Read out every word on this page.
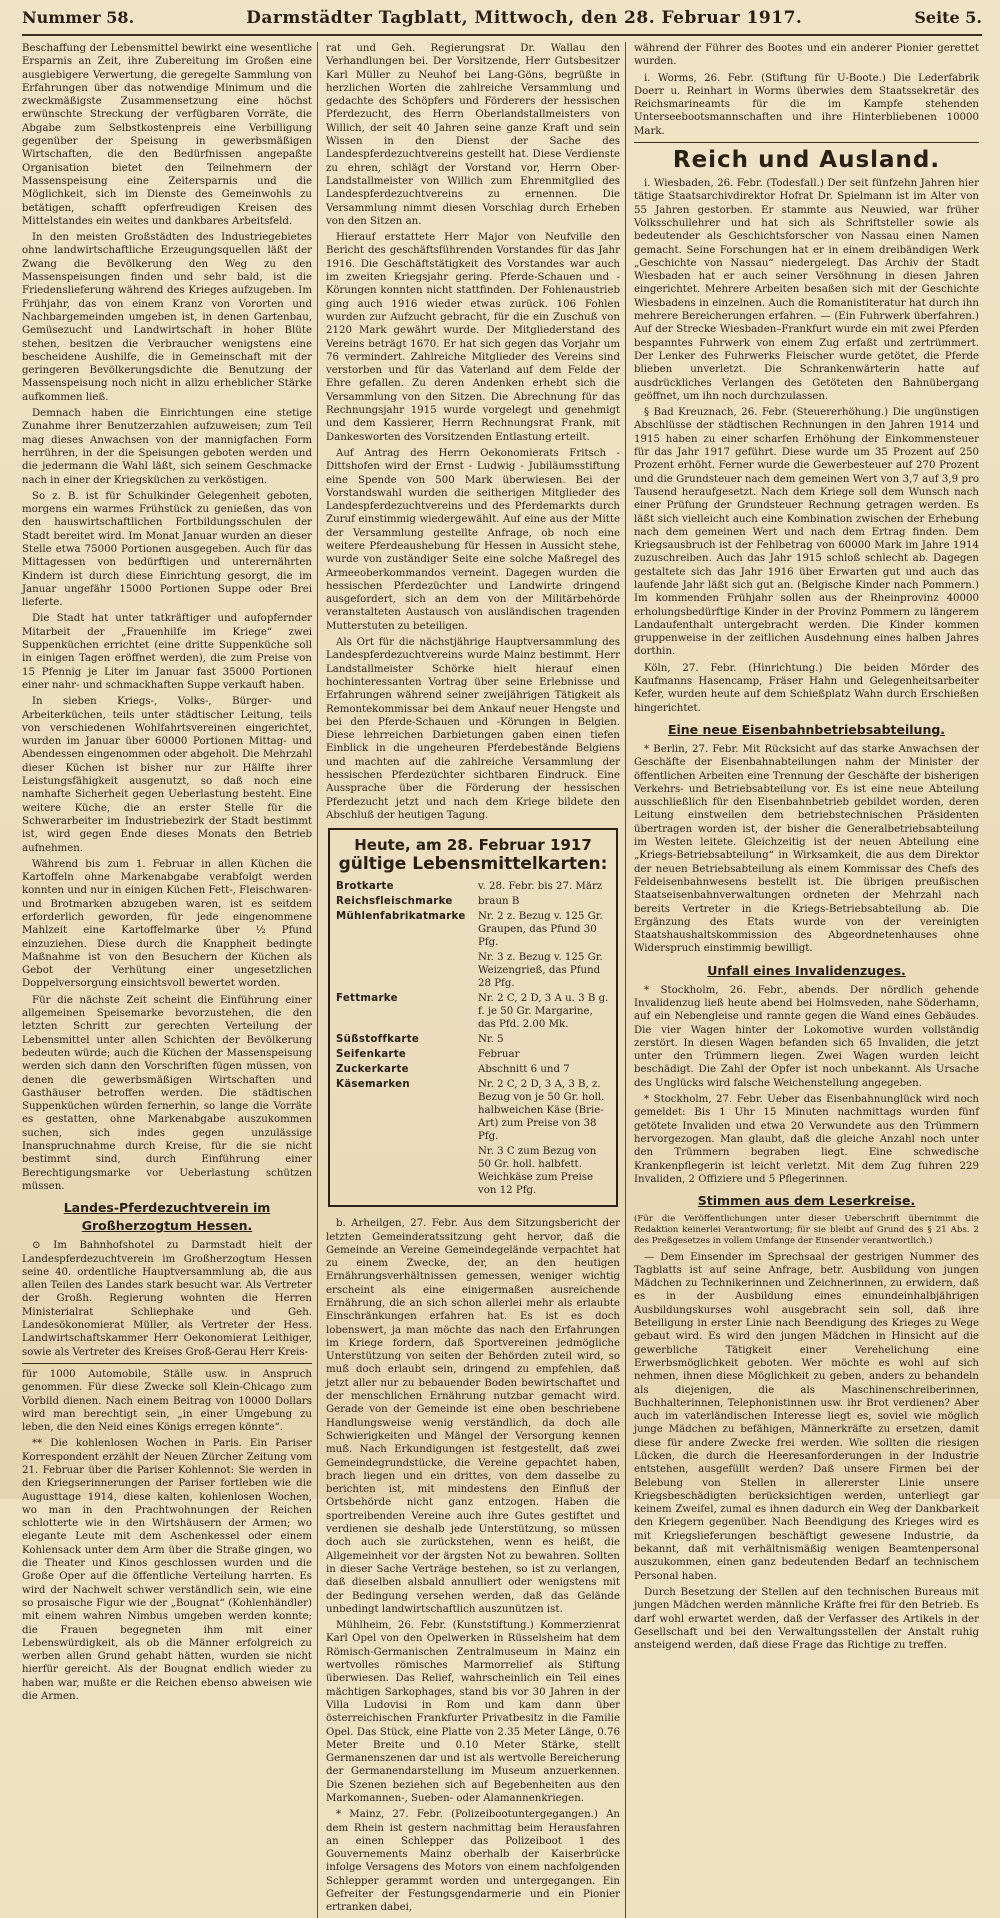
Nummer 58.	Darmstädter Tagblatt, Mittwoch, den 28. Februar 1917.	Seite 5.

Beschaffung der Lebensmittel bewirkt eine wesentliche Ersparnis an Zeit, ihre Zubereitung im Großen eine ausgiebigere Verwertung, die geregelte Sammlung von Erfahrungen über das notwendige Minimum und die zweckmäßigste Zusammensetzung eine höchst erwünschte Streckung der verfügbaren Vorräte, die Abgabe zum Selbstkostenpreis eine Verbilligung gegenüber der Speisung in gewerbsmäßigen Wirtschaften, die den Bedürfnissen angepaßte Organisation bietet den Teilnehmern der Massenspeisung eine Zeitersparnis und die Möglichkeit, sich im Dienste des Gemeinwohls zu betätigen, schafft opferfreudigen Kreisen des Mittelstandes ein weites und dankbares Arbeitsfeld.

In den meisten Großstädten des Industriegebietes ohne landwirtschaftliche Erzeugungsquellen läßt der Zwang die Bevölkerung den Weg zu den Massenspeisungen finden und sehr bald, ist die Friedenslieferung während des Krieges aufzugeben. Im Frühjahr, das von einem Kranz von Vororten und Nachbargemeinden umgeben ist, in denen Gartenbau, Gemüsezucht und Landwirtschaft in hoher Blüte stehen, besitzen die Verbraucher wenigstens eine bescheidene Aushilfe, die in Gemeinschaft mit der geringeren Bevölkerungsdichte die Benutzung der Massenspeisung noch nicht in allzu erheblicher Stärke aufkommen ließ.

Demnach haben die Einrichtungen eine stetige Zunahme ihrer Benutzerzahlen aufzuweisen; zum Teil mag dieses Anwachsen von der mannigfachen Form herrühren, in der die Speisungen geboten werden und die jedermann die Wahl läßt, sich seinem Geschmacke nach in einer der Kriegsküchen zu verköstigen.

So z. B. ist für Schulkinder Gelegenheit geboten, morgens ein warmes Frühstück zu genießen, das von den hauswirtschaftlichen Fortbildungsschulen der Stadt bereitet wird. Im Monat Januar wurden an dieser Stelle etwa 75000 Portionen ausgegeben. Auch für das Mittagessen von bedürftigen und unterernährten Kindern ist durch diese Einrichtung gesorgt, die im Januar ungefähr 15000 Portionen Suppe oder Brei lieferte.

Die Stadt hat unter tatkräftiger und aufopfernder Mitarbeit der „Frauenhilfe im Kriege“ zwei Suppenküchen errichtet (eine dritte Suppenküche soll in einigen Tagen eröffnet werden), die zum Preise von 15 Pfennig je Liter im Januar fast 35000 Portionen einer nahr- und schmackhaften Suppe verkauft haben.

In sieben Kriegs-, Volks-, Bürger- und Arbeiterküchen, teils unter städtischer Leitung, teils von verschiedenen Wohlfahrtsvereinen eingerichtet, wurden im Januar über 60000 Portionen Mittag- und Abendessen eingenommen oder abgeholt. Die Mehrzahl dieser Küchen ist bisher nur zur Hälfte ihrer Leistungsfähigkeit ausgenutzt, so daß noch eine namhafte Sicherheit gegen Ueberlastung besteht. Eine weitere Küche, die an erster Stelle für die Schwerarbeiter im Industriebezirk der Stadt bestimmt ist, wird gegen Ende dieses Monats den Betrieb aufnehmen.

Während bis zum 1. Februar in allen Küchen die Kartoffeln ohne Markenabgabe verabfolgt werden konnten und nur in einigen Küchen Fett-, Fleischwaren- und Brotmarken abzugeben waren, ist es seitdem erforderlich geworden, für jede eingenommene Mahlzeit eine Kartoffelmarke über ½ Pfund einzuziehen. Diese durch die Knappheit bedingte Maßnahme ist von den Besuchern der Küchen als Gebot der Verhütung einer ungesetzlichen Doppelversorgung einsichtsvoll bewertet worden.

Für die nächste Zeit scheint die Einführung einer allgemeinen Speisemarke bevorzustehen, die den letzten Schritt zur gerechten Verteilung der Lebensmittel unter allen Schichten der Bevölkerung bedeuten würde; auch die Küchen der Massenspeisung werden sich dann den Vorschriften fügen müssen, von denen die gewerbsmäßigen Wirtschaften und Gasthäuser betroffen werden. Die städtischen Suppenküchen würden fernerhin, so lange die Vorräte es gestatten, ohne Markenabgabe auszukommen suchen, sich indes gegen unzulässige Inanspruchnahme durch Kreise, für die sie nicht bestimmt sind, durch Einführung einer Berechtigungsmarke vor Ueberlastung schützen müssen.

Landes-Pferdezuchtverein im Großherzogtum Hessen.

⊙ Im Bahnhofshotel zu Darmstadt hielt der Landespferdezuchtverein im Großherzogtum Hessen seine 40. ordentliche Hauptversammlung ab, die aus allen Teilen des Landes stark besucht war. Als Vertreter der Großh. Regierung wohnten die Herren Ministerialrat Schliephake und Geh. Landesökonomierat Müller, als Vertreter der Hess. Landwirtschaftskammer Herr Oekonomierat Leithiger, sowie als Vertreter des Kreises Groß-Gerau Herr Kreis-

für 1000 Automobile, Ställe usw. in Anspruch genommen. Für diese Zwecke soll Klein-Chicago zum Vorbild dienen. Nach einem Beitrag von 10000 Dollars wird man berechtigt sein, „in einer Umgebung zu leben, die den Neid eines Königs erregen könnte“.

** Die kohlenlosen Wochen in Paris. Ein Pariser Korrespondent erzählt der Neuen Zürcher Zeitung vom 21. Februar über die Pariser Kohlennot: Sie werden in den Kriegserinnerungen der Pariser fortleben wie die Augusttage 1914, diese kalten, kohlenlosen Wochen, wo man in den Prachtwohnungen der Reichen schlotterte wie in den Wirtshäusern der Armen; wo elegante Leute mit dem Aschenkessel oder einem Kohlensack unter dem Arm über die Straße gingen, wo die Theater und Kinos geschlossen wurden und die Große Oper auf die öffentliche Verteilung harrten. Es wird der Nachwelt schwer verständlich sein, wie eine so prosaische Figur wie der „Bougnat“ (Kohlenhändler) mit einem wahren Nimbus umgeben werden konnte; die Frauen begegneten ihm mit einer Lebenswürdigkeit, als ob die Männer erfolgreich zu werben allen Grund gehabt hätten, wurden sie nicht hierfür gereicht. Als der Bougnat endlich wieder zu haben war, mußte er die Reichen ebenso abweisen wie die Armen.

rat und Geh. Regierungsrat Dr. Wallau den Verhandlungen bei. Der Vorsitzende, Herr Gutsbesitzer Karl Müller zu Neuhof bei Lang-Göns, begrüßte in herzlichen Worten die zahlreiche Versammlung und gedachte des Schöpfers und Förderers der hessischen Pferdezucht, des Herrn Oberlandstallmeisters von Willich, der seit 40 Jahren seine ganze Kraft und sein Wissen in den Dienst der Sache des Landespferdezuchtvereins gestellt hat. Diese Verdienste zu ehren, schlägt der Vorstand vor, Herrn Ober-Landstallmeister von Willich zum Ehrenmitglied des Landespferdezuchtvereins zu ernennen. Die Versammlung nimmt diesen Vorschlag durch Erheben von den Sitzen an.

Hierauf erstattete Herr Major von Neufville den Bericht des geschäftsführenden Vorstandes für das Jahr 1916. Die Geschäftstätigkeit des Vorstandes war auch im zweiten Kriegsjahr gering. Pferde-Schauen und -Körungen konnten nicht stattfinden. Der Fohlenaustrieb ging auch 1916 wieder etwas zurück. 106 Fohlen wurden zur Aufzucht gebracht, für die ein Zuschuß von 2120 Mark gewährt wurde. Der Mitgliederstand des Vereins beträgt 1670. Er hat sich gegen das Vorjahr um 76 vermindert. Zahlreiche Mitglieder des Vereins sind verstorben und für das Vaterland auf dem Felde der Ehre gefallen. Zu deren Andenken erhebt sich die Versammlung von den Sitzen. Die Abrechnung für das Rechnungsjahr 1915 wurde vorgelegt und genehmigt und dem Kassierer, Herrn Rechnungsrat Frank, mit Dankesworten des Vorsitzenden Entlastung erteilt.

Auf Antrag des Herrn Oekonomierats Fritsch - Dittshofen wird der Ernst - Ludwig - Jubiläumsstiftung eine Spende von 500 Mark überwiesen. Bei der Vorstandswahl wurden die seitherigen Mitglieder des Landespferdezuchtvereins und des Pferdemarkts durch Zuruf einstimmig wiedergewählt. Auf eine aus der Mitte der Versammlung gestellte Anfrage, ob noch eine weitere Pferdeaushebung für Hessen in Aussicht stehe, wurde von zuständiger Seite eine solche Maßregel des Armeeoberkommandos verneint. Dagegen wurden die hessischen Pferdezüchter und Landwirte dringend ausgefordert, sich an dem von der Militärbehörde veranstalteten Austausch von ausländischen tragenden Mutterstuten zu beteiligen.

Als Ort für die nächstjährige Hauptversammlung des Landespferdezuchtvereins wurde Mainz bestimmt. Herr Landstallmeister Schörke hielt hierauf einen hochinteressanten Vortrag über seine Erlebnisse und Erfahrungen während seiner zweijährigen Tätigkeit als Remontekommissar bei dem Ankauf neuer Hengste und bei den Pferde-Schauen und -Körungen in Belgien. Diese lehrreichen Darbietungen gaben einen tiefen Einblick in die ungeheuren Pferdebestände Belgiens und machten auf die zahlreiche Versammlung der hessischen Pferdezüchter sichtbaren Eindruck. Eine Aussprache über die Förderung der hessischen Pferdezucht jetzt und nach dem Kriege bildete den Abschluß der heutigen Tagung.

Heute, am 28. Februar 1917
gültige Lebensmittelkarten:
Brotkarte	v. 28. Febr. bis 27. März
Reichsfleischmarke	braun B
Mühlenfabrikatmarke	Nr. 2 z. Bezug v. 125 Gr. Graupen, das Pfund 30 Pfg.
Nr. 3 z. Bezug v. 125 Gr. Weizengrieß, das Pfund 28 Pfg.
Fettmarke	Nr. 2 C, 2 D, 3 A u. 3 B g. f. je 50 Gr. Margarine, das Pfd. 2.00 Mk.
Süßstoffkarte	Nr. 5
Seifenkarte	Februar
Zuckerkarte	Abschnitt 6 und 7
Käsemarken	Nr. 2 C, 2 D, 3 A, 3 B, z. Bezug von je 50 Gr. holl. halbweichen Käse (Brie-Art) zum Preise von 38 Pfg.
Nr. 3 C zum Bezug von 50 Gr. holl. halbfett. Weichkäse zum Preise von 12 Pfg.

b. Arheilgen, 27. Febr. Aus dem Sitzungsbericht der letzten Gemeinderatssitzung geht hervor, daß die Gemeinde an Vereine Gemeindegelände verpachtet hat zu einem Zwecke, der, an den heutigen Ernährungsverhältnissen gemessen, weniger wichtig erscheint als eine einigermaßen ausreichende Ernährung, die an sich schon allerlei mehr als erlaubte Einschränkungen erfahren hat. Es ist es doch lobenswert, ja man möchte das nach den Erfahrungen im Kriege fordern, daß Sportvereinen jedmögliche Unterstützung von seiten der Behörden zuteil wird, so muß doch erlaubt sein, dringend zu empfehlen, daß jetzt aller nur zu bebauender Boden bewirtschaftet und der menschlichen Ernährung nutzbar gemacht wird. Gerade von der Gemeinde ist eine oben beschriebene Handlungsweise wenig verständlich, da doch alle Schwierigkeiten und Mängel der Versorgung kennen muß. Nach Erkundigungen ist festgestellt, daß zwei Gemeindegrundstücke, die Vereine gepachtet haben, brach liegen und ein drittes, von dem dasselbe zu berichten ist, mit mindestens den Einfluß der Ortsbehörde nicht ganz entzogen. Haben die sportreibenden Vereine auch ihre Gutes gestiftet und verdienen sie deshalb jede Unterstützung, so müssen doch auch sie zurückstehen, wenn es heißt, die Allgemeinheit vor der ärgsten Not zu bewahren. Sollten in dieser Sache Verträge bestehen, so ist zu verlangen, daß dieselben alsbald annulliert oder wenigstens mit der Bedingung versehen werden, daß das Gelände unbedingt landwirtschaftlich auszunützen ist.

Mühlheim, 26. Febr. (Kunststiftung.) Kommerzienrat Karl Opel von den Opelwerken in Rüsselsheim hat dem Römisch-Germanischen Zentralmuseum in Mainz ein wertvolles römisches Marmorrelief als Stiftung überwiesen. Das Relief, wahrscheinlich ein Teil eines mächtigen Sarkophages, stand bis vor 30 Jahren in der Villa Ludovisi in Rom und kam dann über österreichischen Frankfurter Privatbesitz in die Familie Opel. Das Stück, eine Platte von 2.35 Meter Länge, 0.76 Meter Breite und 0.10 Meter Stärke, stellt Germanenszenen dar und ist als wertvolle Bereicherung der Germanendarstellung im Museum anzuerkennen. Die Szenen beziehen sich auf Begebenheiten aus den Markomannen-, Sueben- oder Alamannenkriegen.

* Mainz, 27. Febr. (Polizeibootuntergegangen.) An dem Rhein ist gestern nachmittag beim Herausfahren an einen Schlepper das Polizeiboot 1 des Gouvernements Mainz oberhalb der Kaiserbrücke infolge Versagens des Motors von einem nachfolgenden Schlepper gerammt worden und untergegangen. Ein Gefreiter der Festungsgendarmerie und ein Pionier ertranken dabei,

während der Führer des Bootes und ein anderer Pionier gerettet wurden.

i. Worms, 26. Febr. (Stiftung für U-Boote.) Die Lederfabrik Doerr u. Reinhart in Worms überwies dem Staatssekretär des Reichsmarineamts für die im Kampfe stehenden Unterseebootsmannschaften und ihre Hinterbliebenen 10000 Mark.

Reich und Ausland.

i. Wiesbaden, 26. Febr. (Todesfall.) Der seit fünfzehn Jahren hier tätige Staatsarchivdirektor Hofrat Dr. Spielmann ist im Alter von 55 Jahren gestorben. Er stammte aus Neuwied, war früher Volksschullehrer und hat sich als Schriftsteller sowie als bedeutender als Geschichtsforscher von Nassau einen Namen gemacht. Seine Forschungen hat er in einem dreibändigen Werk „Geschichte von Nassau“ niedergelegt. Das Archiv der Stadt Wiesbaden hat er auch seiner Versöhnung in diesen Jahren eingerichtet. Mehrere Arbeiten besaßen sich mit der Geschichte Wiesbadens in einzelnen. Auch die Romanistiteratur hat durch ihn mehrere Bereicherungen erfahren. — (Ein Fuhrwerk überfahren.) Auf der Strecke Wiesbaden–Frankfurt wurde ein mit zwei Pferden bespanntes Fuhrwerk von einem Zug erfaßt und zertrümmert. Der Lenker des Fuhrwerks Fleischer wurde getötet, die Pferde blieben unverletzt. Die Schrankenwärterin hatte auf ausdrückliches Verlangen des Getöteten den Bahnübergang geöffnet, um ihn noch durchzulassen.

§ Bad Kreuznach, 26. Febr. (Steuererhöhung.) Die ungünstigen Abschlüsse der städtischen Rechnungen in den Jahren 1914 und 1915 haben zu einer scharfen Erhöhung der Einkommensteuer für das Jahr 1917 geführt. Diese wurde um 35 Prozent auf 250 Prozent erhöht. Ferner wurde die Gewerbesteuer auf 270 Prozent und die Grundsteuer nach dem gemeinen Wert von 3,7 auf 3,9 pro Tausend heraufgesetzt. Nach dem Kriege soll dem Wunsch nach einer Prüfung der Grundsteuer Rechnung getragen werden. Es läßt sich vielleicht auch eine Kombination zwischen der Erhebung nach dem gemeinen Wert und nach dem Ertrag finden. Dem Kriegsausbruch ist der Fehlbetrag von 60000 Mark im Jahre 1914 zuzuschreiben. Auch das Jahr 1915 schloß schlecht ab. Dagegen gestaltete sich das Jahr 1916 über Erwarten gut und auch das laufende Jahr läßt sich gut an. (Belgische Kinder nach Pommern.) Im kommenden Frühjahr sollen aus der Rheinprovinz 40000 erholungsbedürftige Kinder in der Provinz Pommern zu längerem Landaufenthalt untergebracht werden. Die Kinder kommen gruppenweise in der zeitlichen Ausdehnung eines halben Jahres dorthin.

Köln, 27. Febr. (Hinrichtung.) Die beiden Mörder des Kaufmanns Hasencamp, Fräser Hahn und Gelegenheitsarbeiter Kefer, wurden heute auf dem Schießplatz Wahn durch Erschießen hingerichtet.

Eine neue Eisenbahnbetriebsabteilung.

* Berlin, 27. Febr. Mit Rücksicht auf das starke Anwachsen der Geschäfte der Eisenbahnabteilungen nahm der Minister der öffentlichen Arbeiten eine Trennung der Geschäfte der bisherigen Verkehrs- und Betriebsabteilung vor. Es ist eine neue Abteilung ausschließlich für den Eisenbahnbetrieb gebildet worden, deren Leitung einstweilen dem betriebstechnischen Präsidenten übertragen worden ist, der bisher die Generalbetriebsabteilung im Westen leitete. Gleichzeitig ist der neuen Abteilung eine „Kriegs-Betriebsabteilung“ in Wirksamkeit, die aus dem Direktor der neuen Betriebsabteilung als einem Kommissar des Chefs des Feldeisenbahnwesens bestellt ist. Die übrigen preußischen Staatseisenbahnverwaltungen ordneten der Mehrzahl nach bereits Vertreter in die Kriegs-Betriebsabteilung ab. Die Ergänzung des Etats wurde von der vereinigten Staatshaushaltskommission des Abgeordnetenhauses ohne Widerspruch einstimmig bewilligt.

Unfall eines Invalidenzuges.

* Stockholm, 26. Febr., abends. Der nördlich gehende Invalidenzug ließ heute abend bei Holmsveden, nahe Söderhamn, auf ein Nebengleise und rannte gegen die Wand eines Gebäudes. Die vier Wagen hinter der Lokomotive wurden vollständig zerstört. In diesen Wagen befanden sich 65 Invaliden, die jetzt unter den Trümmern liegen. Zwei Wagen wurden leicht beschädigt. Die Zahl der Opfer ist noch unbekannt. Als Ursache des Unglücks wird falsche Weichenstellung angegeben.

* Stockholm, 27. Febr. Ueber das Eisenbahnunglück wird noch gemeldet: Bis 1 Uhr 15 Minuten nachmittags wurden fünf getötete Invaliden und etwa 20 Verwundete aus den Trümmern hervorgezogen. Man glaubt, daß die gleiche Anzahl noch unter den Trümmern begraben liegt. Eine schwedische Krankenpflegerin ist leicht verletzt. Mit dem Zug fuhren 229 Invaliden, 2 Offiziere und 5 Pflegerinnen.

Stimmen aus dem Leserkreise.

(Für die Veröffentlichungen unter dieser Ueberschrift übernimmt die Redaktion keinerlei Verantwortung; für sie bleibt auf Grund des § 21 Abs. 2 des Preßgesetzes in vollem Umfange der Einsender verantwortlich.)

— Dem Einsender im Sprechsaal der gestrigen Nummer des Tagblatts ist auf seine Anfrage, betr. Ausbildung von jungen Mädchen zu Technikerinnen und Zeichnerinnen, zu erwidern, daß es in der Ausbildung eines einundeinhalbjährigen Ausbildungskurses wohl ausgebracht sein soll, daß ihre Beteiligung in erster Linie nach Beendigung des Krieges zu Wege gebaut wird. Es wird den jungen Mädchen in Hinsicht auf die gewerbliche Tätigkeit einer Verehelichung eine Erwerbsmöglichkeit geboten. Wer möchte es wohl auf sich nehmen, ihnen diese Möglichkeit zu geben, anders zu behandeln als diejenigen, die als Maschinenschreiberinnen, Buchhalterinnen, Telephonistinnen usw. ihr Brot verdienen? Aber auch im vaterländischen Interesse liegt es, soviel wie möglich junge Mädchen zu befähigen, Männerkräfte zu ersetzen, damit diese für andere Zwecke frei werden. Wie sollten die riesigen Lücken, die durch die Heeresanforderungen in der Industrie entstehen, ausgefüllt werden? Daß unsere Firmen bei der Belebung von Stellen in allererster Linie unsere Kriegsbeschädigten berücksichtigen werden, unterliegt gar keinem Zweifel, zumal es ihnen dadurch ein Weg der Dankbarkeit den Kriegern gegenüber. Nach Beendigung des Krieges wird es mit Kriegslieferungen beschäftigt gewesene Industrie, da bekannt, daß mit verhältnismäßig wenigen Beamtenpersonal auszukommen, einen ganz bedeutenden Bedarf an technischem Personal haben.

Durch Besetzung der Stellen auf den technischen Bureaus mit jungen Mädchen werden männliche Kräfte frei für den Betrieb. Es darf wohl erwartet werden, daß der Verfasser des Artikels in der Gesellschaft und bei den Verwaltungsstellen der Anstalt ruhig ansteigend werden, daß diese Frage das Richtige zu treffen.
